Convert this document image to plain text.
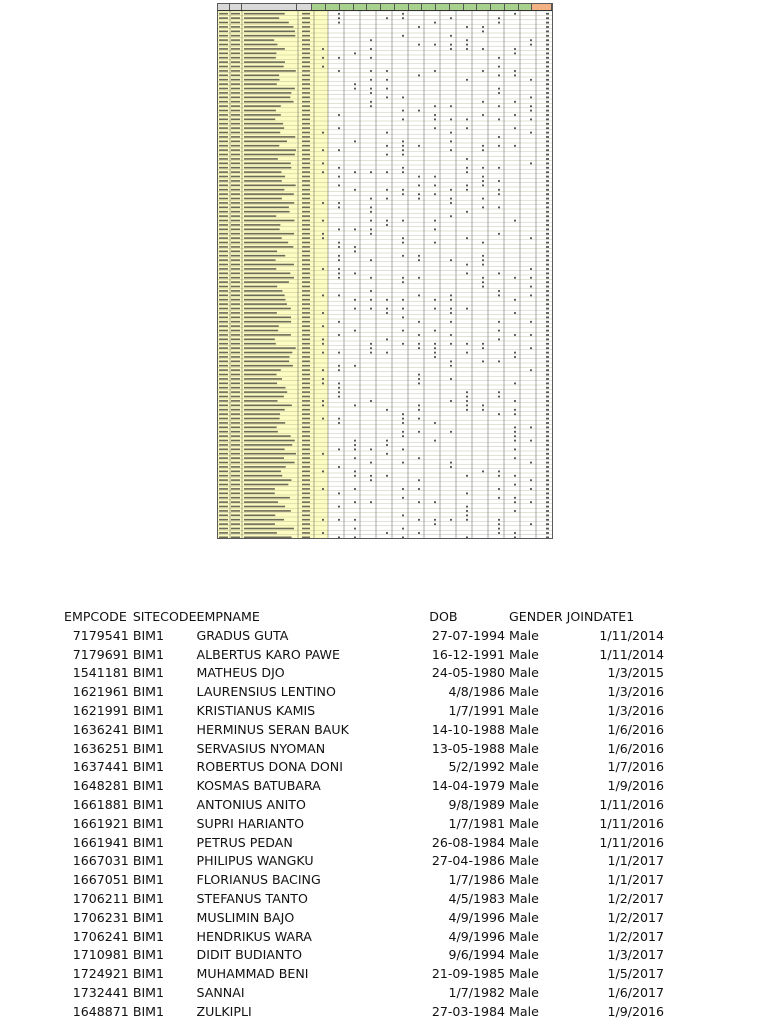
EMPCODE	SITECODE	EMPNAME	DOB	GENDER	JOINDATE1
7179541	BIM1	GRADUS GUTA	27-07-1994	Male	1/11/2014
7179691	BIM1	ALBERTUS KARO PAWE	16-12-1991	Male	1/11/2014
1541181	BIM1	MATHEUS DJO	24-05-1980	Male	1/3/2015
1621961	BIM1	LAURENSIUS LENTINO	4/8/1986	Male	1/3/2016
1621991	BIM1	KRISTIANUS KAMIS	1/7/1991	Male	1/3/2016
1636241	BIM1	HERMINUS SERAN BAUK	14-10-1988	Male	1/6/2016
1636251	BIM1	SERVASIUS NYOMAN	13-05-1988	Male	1/6/2016
1637441	BIM1	ROBERTUS DONA DONI	5/2/1992	Male	1/7/2016
1648281	BIM1	KOSMAS BATUBARA	14-04-1979	Male	1/9/2016
1661881	BIM1	ANTONIUS ANITO	9/8/1989	Male	1/11/2016
1661921	BIM1	SUPRI HARIANTO	1/7/1981	Male	1/11/2016
1661941	BIM1	PETRUS PEDAN	26-08-1984	Male	1/11/2016
1667031	BIM1	PHILIPUS WANGKU	27-04-1986	Male	1/1/2017
1667051	BIM1	FLORIANUS BACING	1/7/1986	Male	1/1/2017
1706211	BIM1	STEFANUS TANTO	4/5/1983	Male	1/2/2017
1706231	BIM1	MUSLIMIN BAJO	4/9/1996	Male	1/2/2017
1706241	BIM1	HENDRIKUS WARA	4/9/1996	Male	1/2/2017
1710981	BIM1	DIDIT BUDIANTO	9/6/1994	Male	1/3/2017
1724921	BIM1	MUHAMMAD BENI	21-09-1985	Male	1/5/2017
1732441	BIM1	SANNAI	1/7/1982	Male	1/6/2017
1648871	BIM1	ZULKIPLI	27-03-1984	Male	1/9/2016
